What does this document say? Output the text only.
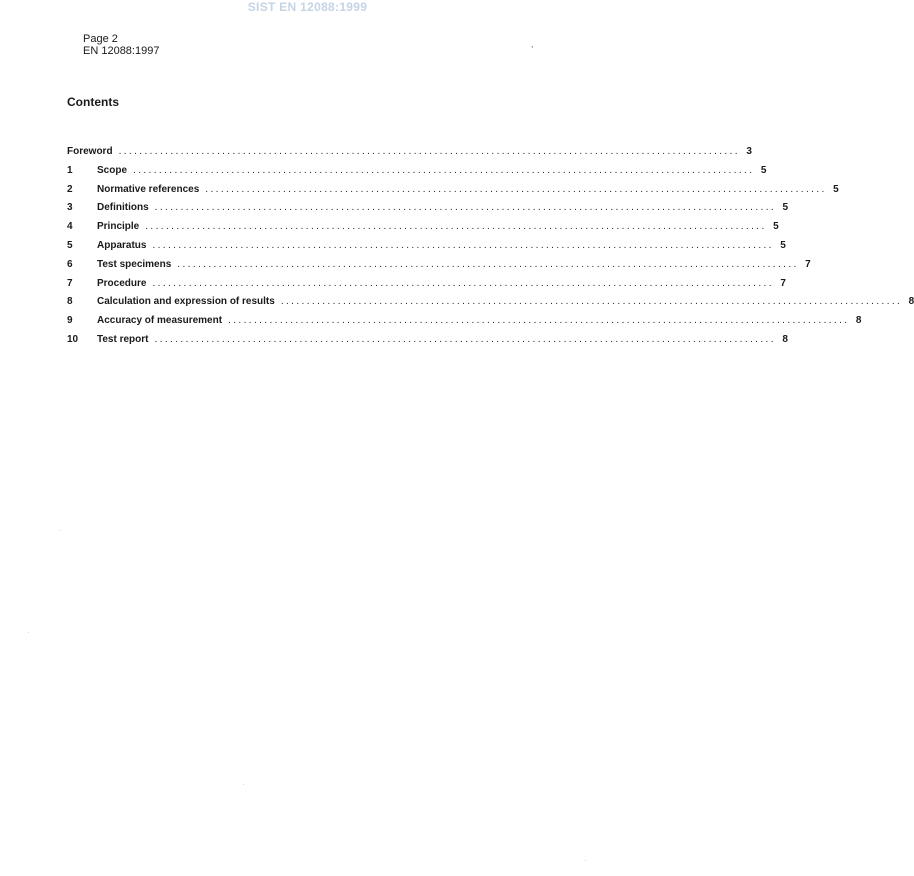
SIST EN 12088:1999
Page 2
EN 12088:1997
,
Contents
Foreword ........................................................................................................................ 3
1	Scope ........................................................................................................................ 5
2	Normative references ........................................................................................................................ 5
3	Definitions ........................................................................................................................ 5
4	Principle ........................................................................................................................ 5
5	Apparatus ........................................................................................................................ 5
6	Test specimens ........................................................................................................................ 7
7	Procedure ........................................................................................................................ 7
8	Calculation and expression of results ........................................................................................................................ 8
9	Accuracy of measurement ........................................................................................................................ 8
10	Test report ........................................................................................................................ 8
